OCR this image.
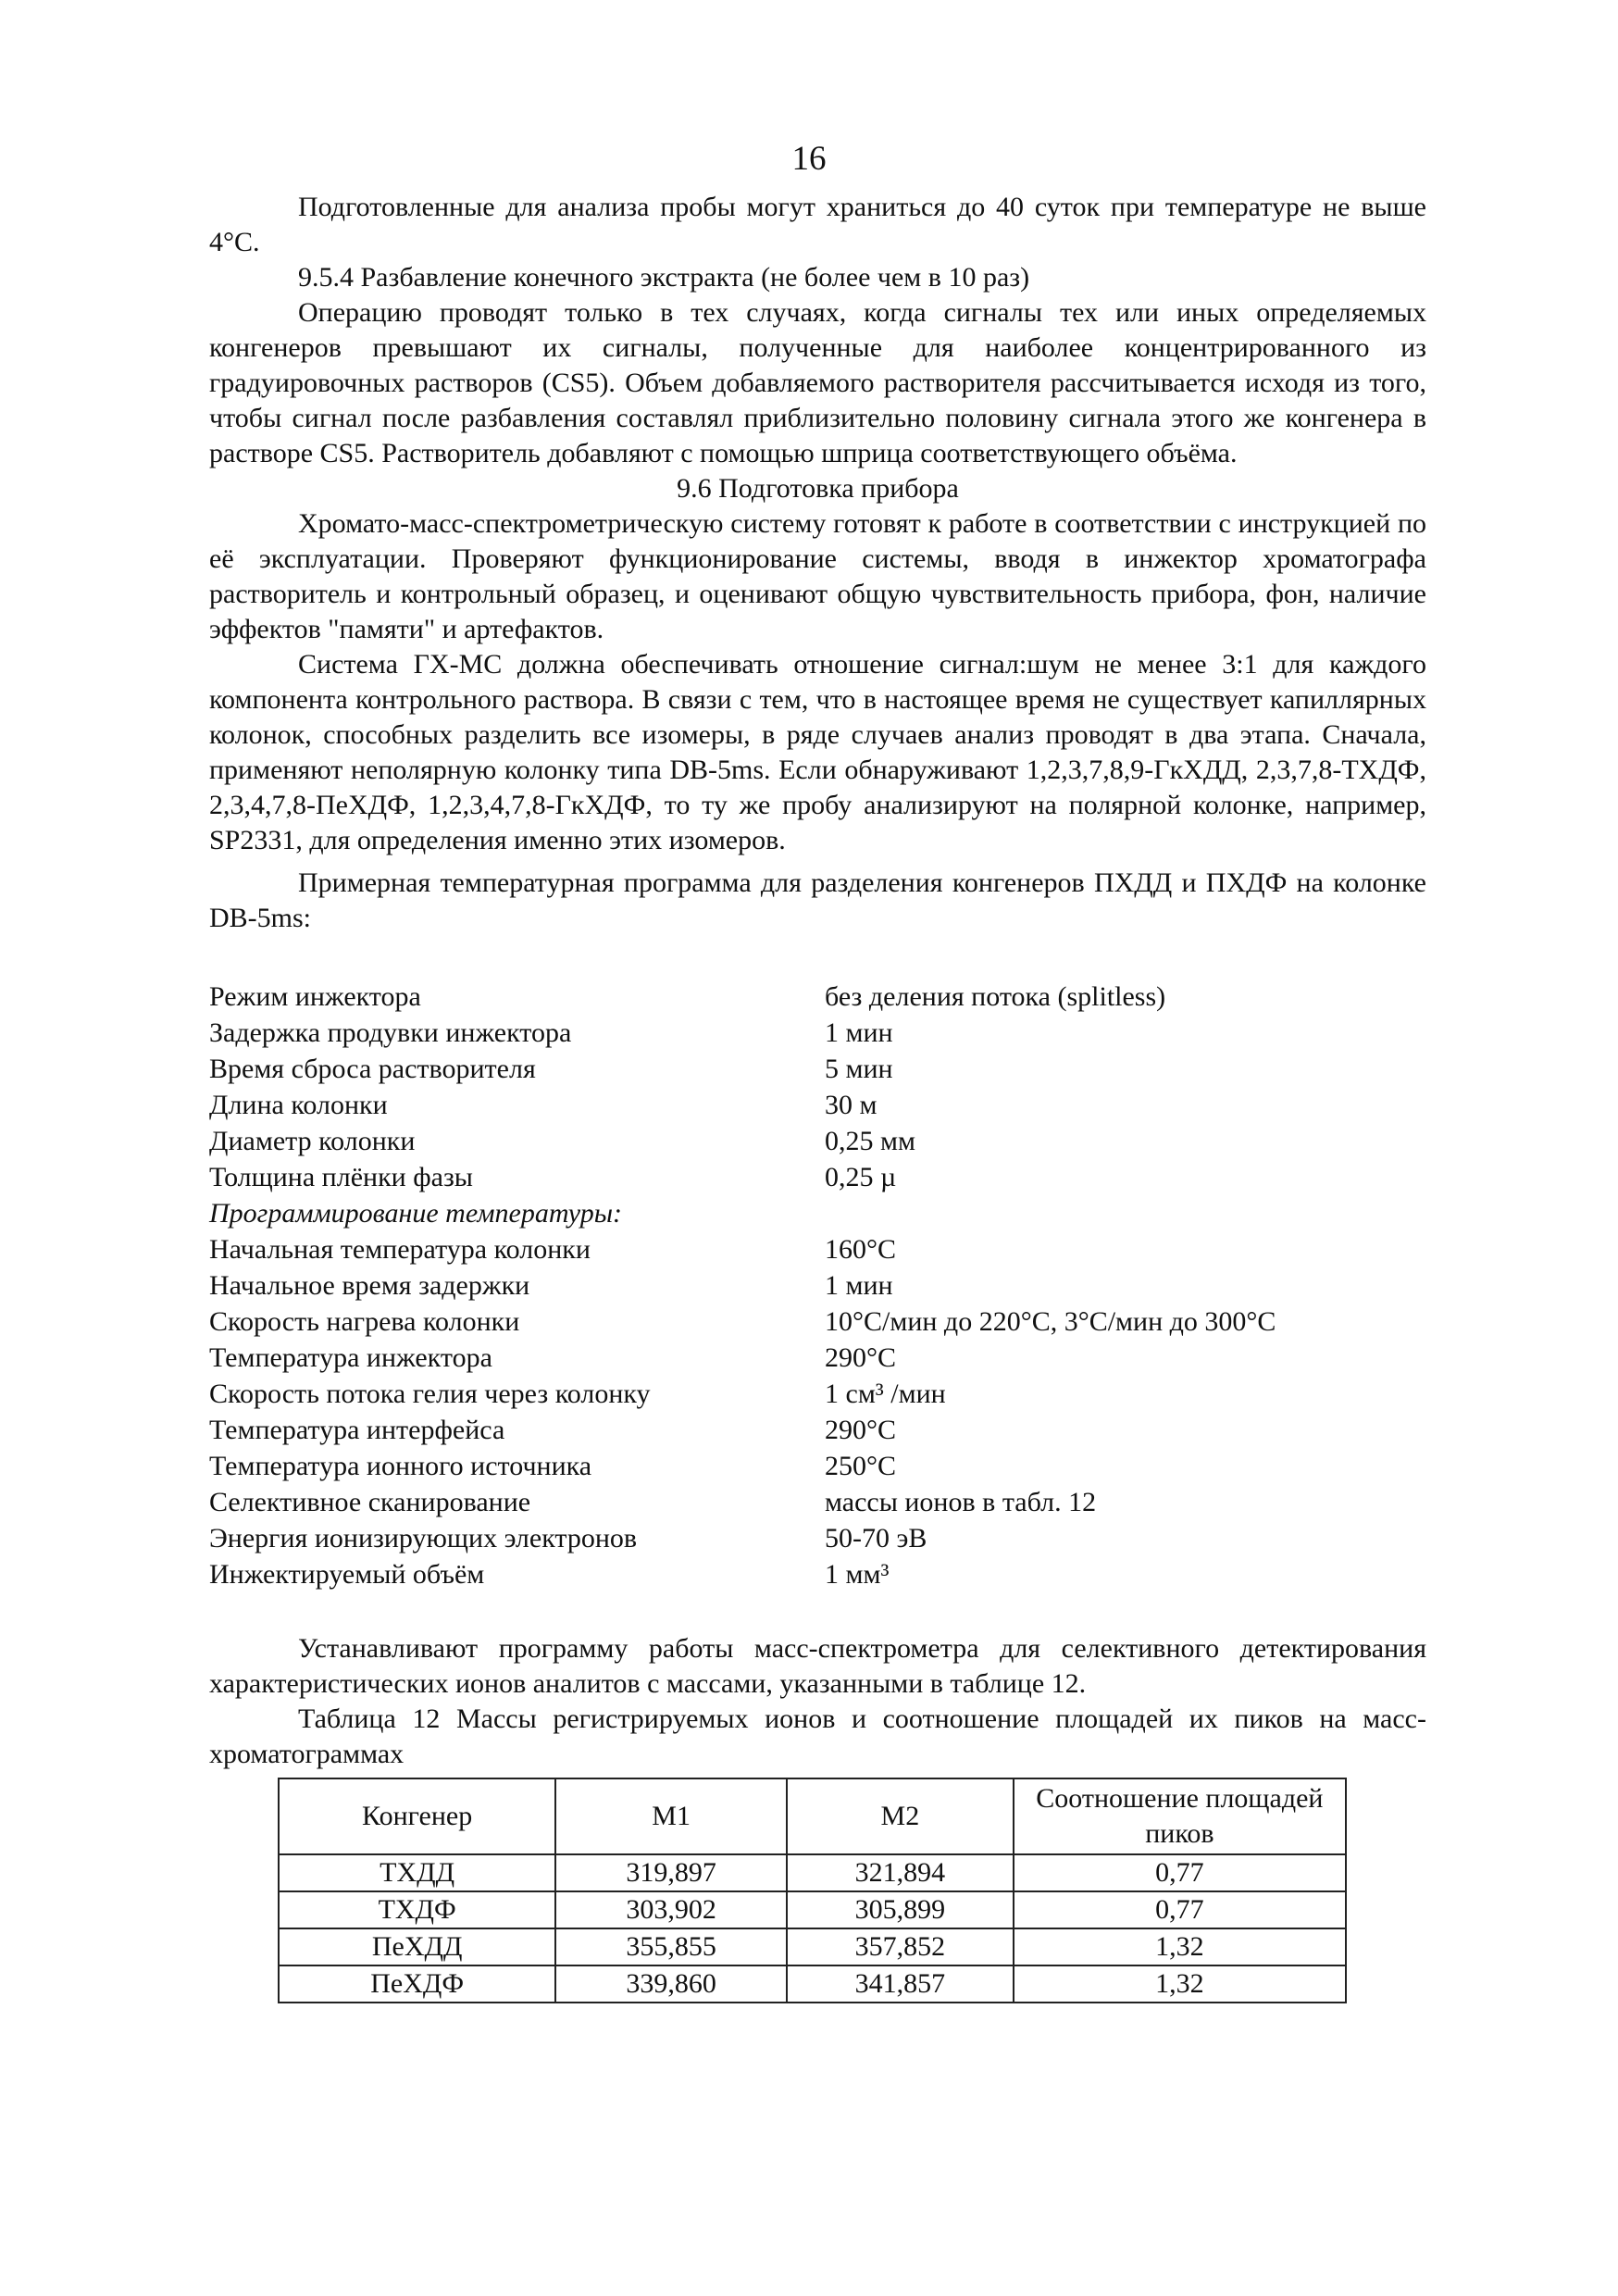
16

Подготовленные для анализа пробы могут храниться до 40 суток при температуре не выше 4°С.

9.5.4 Разбавление конечного экстракта (не более чем в 10 раз)

Операцию проводят только в тех случаях, когда сигналы тех или иных определяемых конгенеров превышают их сигналы, полученные для наиболее концентрированного из градуировочных растворов (CS5). Объем добавляемого растворителя рассчитывается исходя из того, чтобы сигнал после разбавления составлял приблизительно половину сигнала этого же конгенера в растворе CS5. Растворитель добавляют с помощью шприца соответствующего объёма.

9.6 Подготовка прибора

Хромато-масс-спектрометрическую систему готовят к работе в соответствии с инструкцией по её эксплуатации. Проверяют функционирование системы, вводя в инжектор хроматографа растворитель и контрольный образец, и оценивают общую чувствительность прибора, фон, наличие эффектов "памяти" и артефактов.

Система ГХ-МС должна обеспечивать отношение сигнал:шум не менее 3:1 для каждого компонента контрольного раствора. В связи с тем, что в настоящее время не существует капиллярных колонок, способных разделить все изомеры, в ряде случаев анализ проводят в два этапа. Сначала, применяют неполярную колонку типа DB-5ms. Если обнаруживают 1,2,3,7,8,9-ГкХДД, 2,3,7,8-ТХДФ, 2,3,4,7,8-ПеХДФ, 1,2,3,4,7,8-ГкХДФ, то ту же пробу анализируют на полярной колонке, например, SP2331, для определения именно этих изомеров.

Примерная температурная программа для разделения конгенеров ПХДД и ПХДФ на колонке DB-5ms:

Режим инжектора	без деления потока (splitless)
Задержка продувки инжектора	1 мин
Время сброса растворителя	5 мин
Длина колонки	30 м
Диаметр колонки	0,25 мм
Толщина плёнки фазы	0,25 µ
Программирование температуры:
Начальная температура колонки	160°С
Начальное время задержки	1 мин
Скорость нагрева колонки	10°С/мин до 220°С, 3°С/мин до 300°С
Температура инжектора	290°С
Скорость потока гелия через колонку	1 см³ /мин
Температура интерфейса	290°С
Температура ионного источника	250°С
Селективное сканирование	массы ионов в табл. 12
Энергия ионизирующих электронов	50-70 эВ
Инжектируемый объём	1 мм³

Устанавливают программу работы масс-спектрометра для селективного детектирования характеристических ионов аналитов с массами, указанными в таблице 12.

Таблица 12 Массы регистрируемых ионов и соотношение площадей их пиков на масс-хроматограммах

Конгенер	М1	М2	Соотношение площадей пиков
ТХДД	319,897	321,894	0,77
ТХДФ	303,902	305,899	0,77
ПеХДД	355,855	357,852	1,32
ПеХДФ	339,860	341,857	1,32
